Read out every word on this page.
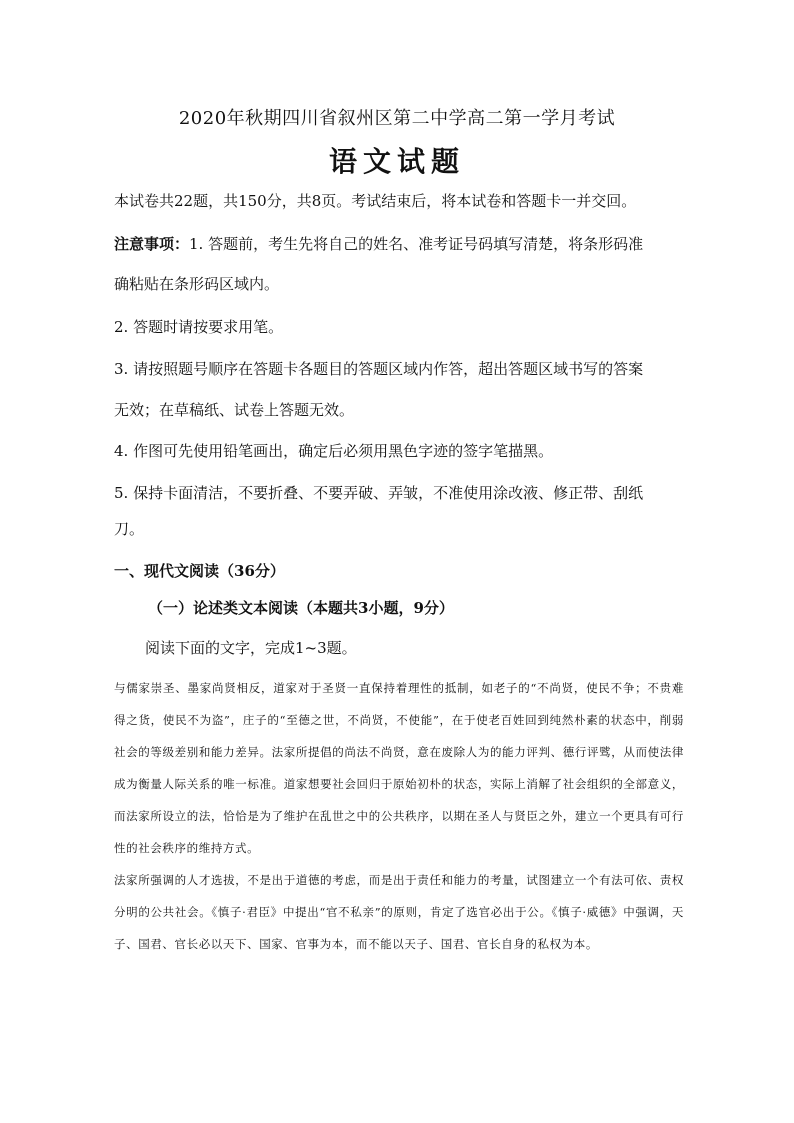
2020年秋期四川省叙州区第二中学高二第一学月考试
语文试题
本试卷共22题，共150分，共8页。考试结束后，将本试卷和答题卡一并交回。
注意事项：1. 答题前，考生先将自己的姓名、准考证号码填写清楚，将条形码准
确粘贴在条形码区域内。
2. 答题时请按要求用笔。
3. 请按照题号顺序在答题卡各题目的答题区域内作答，超出答题区域书写的答案
无效；在草稿纸、试卷上答题无效。
4. 作图可先使用铅笔画出，确定后必须用黑色字迹的签字笔描黑。
5. 保持卡面清洁，不要折叠、不要弄破、弄皱，不准使用涂改液、修正带、刮纸
刀。
一、现代文阅读（36分）
（一）论述类文本阅读（本题共3小题，9分）
阅读下面的文字，完成1~3题。

与儒家崇圣、墨家尚贤相反，道家对于圣贤一直保持着理性的抵制，如老子的“不尚贤，使民不争；不贵难得之货，使民不为盗”，庄子的“至德之世，不尚贤，不使能”，在于使老百姓回到纯然朴素的状态中，削弱社会的等级差别和能力差异。法家所提倡的尚法不尚贤，意在废除人为的能力评判、德行评骘，从而使法律成为衡量人际关系的唯一标准。道家想要社会回归于原始初朴的状态，实际上消解了社会组织的全部意义，而法家所设立的法，恰恰是为了维护在乱世之中的公共秩序，以期在圣人与贤臣之外，建立一个更具有可行性的社会秩序的维持方式。

法家所强调的人才选拔，不是出于道德的考虑，而是出于责任和能力的考量，试图建立一个有法可依、责权分明的公共社会。《慎子·君臣》中提出“官不私亲”的原则，肯定了选官必出于公。《慎子·威德》中强调，天子、国君、官长必以天下、国家、官事为本，而不能以天子、国君、官长自身的私权为本。
